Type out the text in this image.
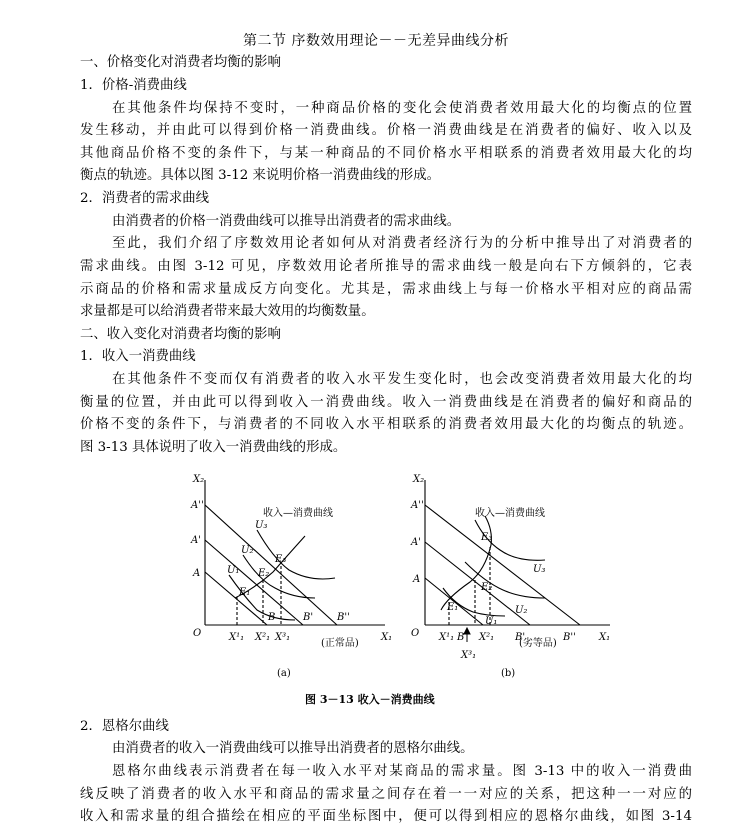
第二节 序数效用理论－－无差异曲线分析
一、价格变化对消费者均衡的影响
1．价格-消费曲线
在其他条件均保持不变时，一种商品价格的变化会使消费者效用最大化的均衡点的位置
发生移动，并由此可以得到价格一消费曲线。价格一消费曲线是在消费者的偏好、收入以及
其他商品价格不变的条件下，与某一种商品的不同价格水平相联系的消费者效用最大化的均
衡点的轨迹。具体以图 3-12 来说明价格一消费曲线的形成。
2．消费者的需求曲线
由消费者的价格一消费曲线可以推导出消费者的需求曲线。
至此，我们介绍了序数效用论者如何从对消费者经济行为的分析中推导出了对消费者的
需求曲线。由图 3-12 可见，序数效用论者所推导的需求曲线一般是向右下方倾斜的，它表
示商品的价格和需求量成反方向变化。尤其是，需求曲线上与每一价格水平相对应的商品需
求量都是可以给消费者带来最大效用的均衡数量。
二、收入变化对消费者均衡的影响
1．收入一消费曲线
在其他条件不变而仅有消费者的收入水平发生变化时，也会改变消费者效用最大化的均
衡量的位置，并由此可以得到收入一消费曲线。收入一消费曲线是在消费者的偏好和商品的
价格不变的条件下，与消费者的不同收入水平相联系的消费者效用最大化的均衡点的轨迹。
图 3-13 具体说明了收入一消费曲线的形成。
X₂
X₁
O
A''
A'
A
B	B' B''
X¹₁ X²₁ X³₁
U₁
U₂
U₃
E₁
E₂
E₃
收入—消费曲线
(正常品)
(a)
X₂
X₁
O
A''
A'
A
B	B'	B''
X¹₁ X²₁
X³₁
U₁
U₂
U₃
E₁
E₂
E₃
收入—消费曲线
(劣等品)
(b)
图 3－13 收入－消费曲线
2．恩格尔曲线
由消费者的收入一消费曲线可以推导出消费者的恩格尔曲线。
恩格尔曲线表示消费者在每一收入水平对某商品的需求量。图 3-13 中的收入一消费曲
线反映了消费者的收入水平和商品的需求量之间存在着一一对应的关系，把这种一一对应的
收入和需求量的组合描绘在相应的平面坐标图中，便可以得到相应的恩格尔曲线，如图 3-14
